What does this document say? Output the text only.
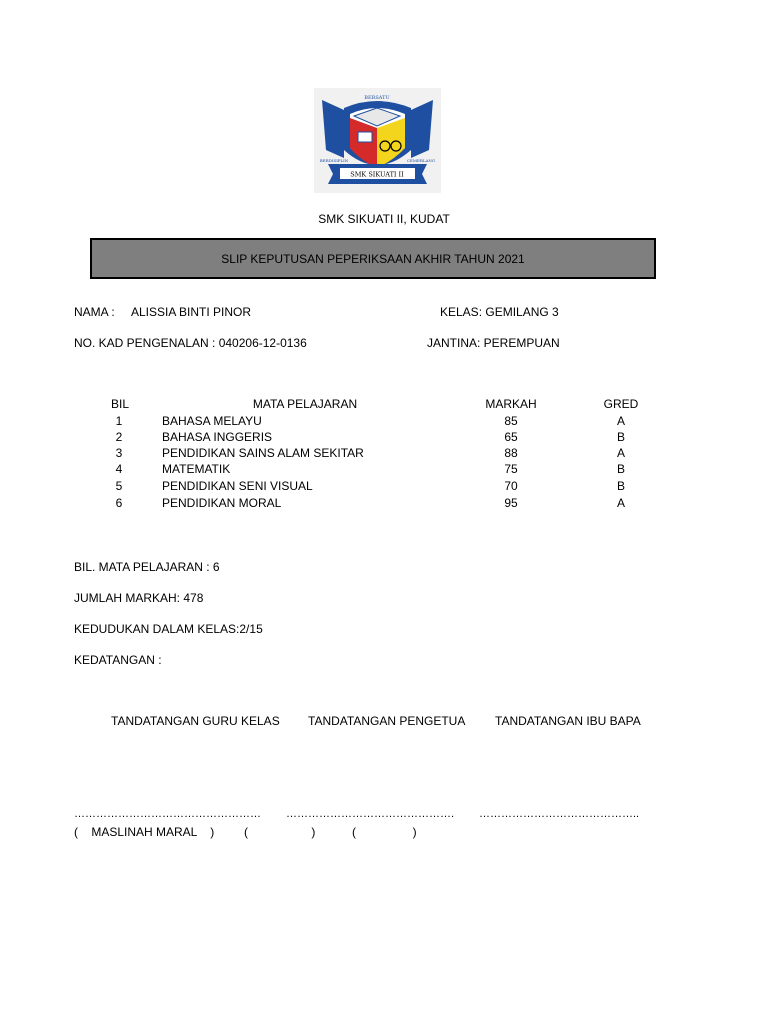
SMK SIKUATI II
BERSATU
BERDISIPLIN	CEMERLANG
SMK SIKUATI II, KUDAT
SLIP KEPUTUSAN PEPERIKSAAN AKHIR TAHUN 2021
NAMA : ALISSIA BINTI PINOR	KELAS: GEMILANG 3
NO. KAD PENGENALAN : 040206-12-0136	JANTINA: PEREMPUAN
BIL	MATA PELAJARAN	MARKAH	GRED
1	BAHASA MELAYU	85	A
2	BAHASA INGGERIS	65	B
3	PENDIDIKAN SAINS ALAM SEKITAR	88	A
4	MATEMATIK	75	B
5	PENDIDIKAN SENI VISUAL	70	B
6	PENDIDIKAN MORAL	95	A
BIL. MATA PELAJARAN : 6
JUMLAH MARKAH: 478
KEDUDUKAN DALAM KELAS:2/15
KEDATANGAN :
TANDATANGAN GURU KELAS TANDATANGAN PENGETUA TANDATANGAN IBU BAPA
…………………………………………… ………………………………………. ……………………………………..
(    MASLINAH MARAL    ) (                   )	(                 )
